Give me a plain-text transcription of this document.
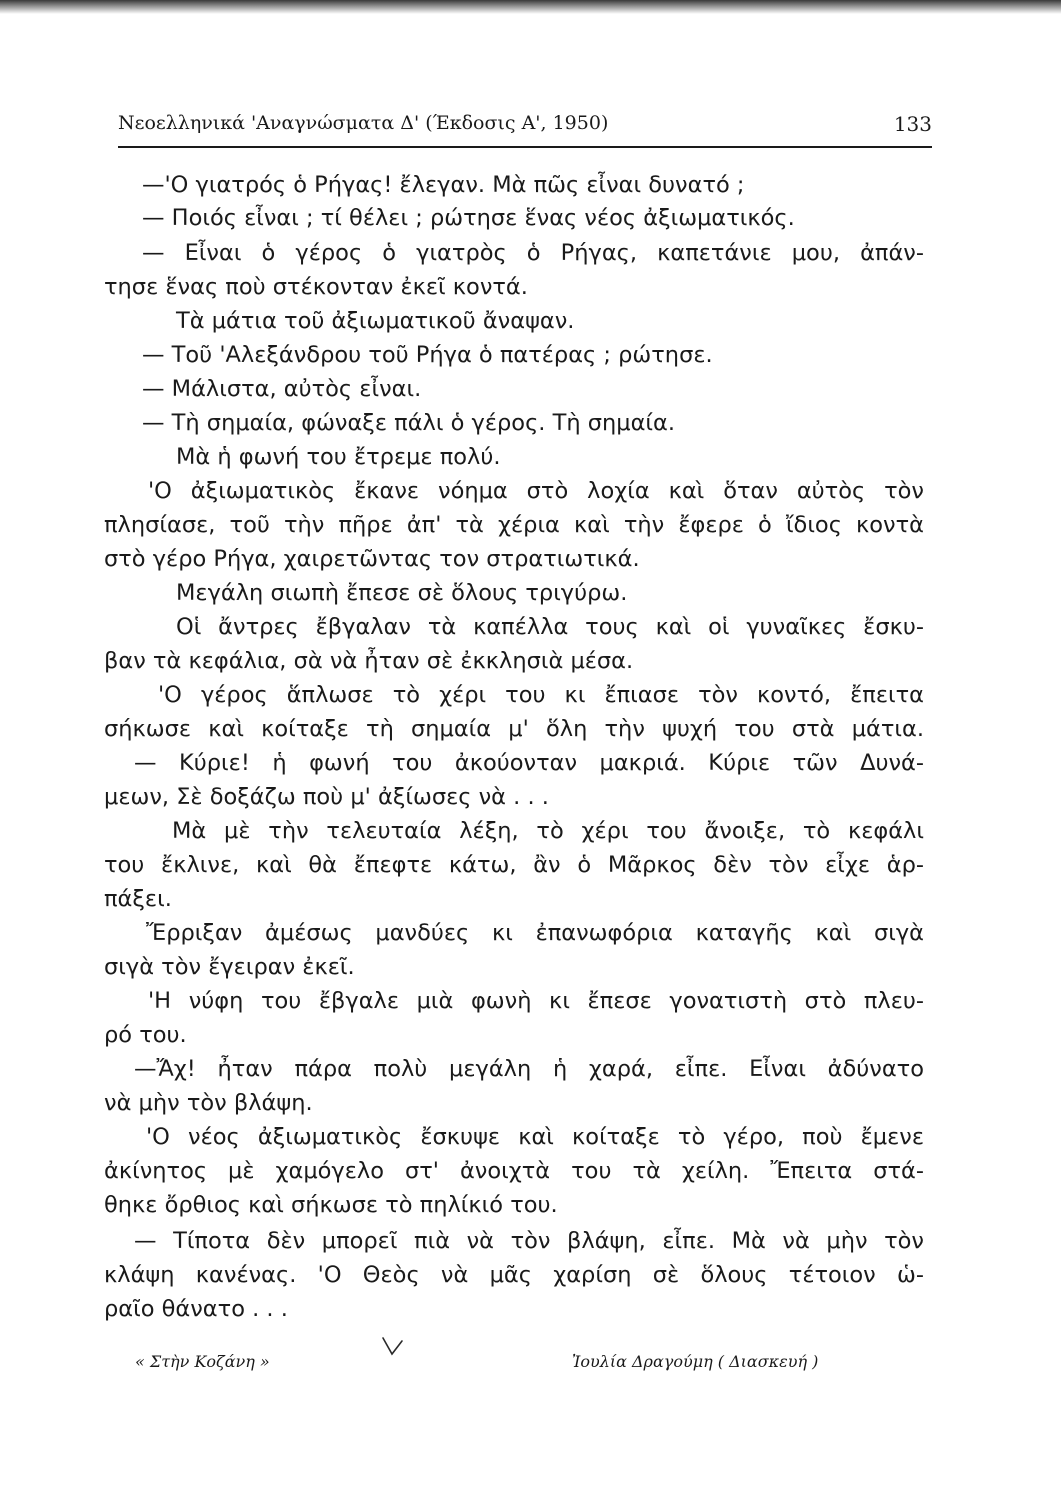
Νεοελληνικά 'Αναγνώσματα Δ' (Έκδοσις Α', 1950)	133
—'Ο γιατρός ὁ Ρήγας! ἔλεγαν. Μὰ πῶς εἶναι δυνατό ;
— Ποιός εἶναι ; τί θέλει ; ρώτησε ἕνας νέος ἀξιωματικός.
— Εἶναι ὁ γέρος ὁ γιατρὸς ὁ Ρήγας, καπετάνιε μου, ἀπάν-
τησε ἕνας ποὺ στέκονταν ἐκεῖ κοντά.
Τὰ μάτια τοῦ ἀξιωματικοῦ ἄναψαν.
— Τοῦ 'Αλεξάνδρου τοῦ Ρήγα ὁ πατέρας ; ρώτησε.
— Μάλιστα, αὐτὸς εἶναι.
— Τὴ σημαία, φώναξε πάλι ὁ γέρος. Τὴ σημαία.
Μὰ ἡ φωνή του ἔτρεμε πολύ.
'Ο ἀξιωματικὸς ἔκανε νόημα στὸ λοχία καὶ ὅταν αὐτὸς τὸν
πλησίασε, τοῦ τὴν πῆρε ἀπ' τὰ χέρια καὶ τὴν ἔφερε ὁ ἴδιος κοντὰ
στὸ γέρο Ρήγα, χαιρετῶντας τον στρατιωτικά.
Μεγάλη σιωπὴ ἔπεσε σὲ ὅλους τριγύρω.
Οἱ ἄντρες ἔβγαλαν τὰ καπέλλα τους καὶ οἱ γυναῖκες ἔσκυ-
βαν τὰ κεφάλια, σὰ νὰ ἦταν σὲ ἐκκλησιὰ μέσα.
'Ο γέρος ἅπλωσε τὸ χέρι του κι ἔπιασε τὸν κοντό, ἔπειτα
σήκωσε καὶ κοίταξε τὴ σημαία μ' ὅλη τὴν ψυχή του στὰ μάτια.
— Κύριε! ἡ φωνή του ἀκούονταν μακριά. Κύριε τῶν Δυνά-
μεων, Σὲ δοξάζω ποὺ μ' ἀξίωσες νὰ . . .
Μὰ μὲ τὴν τελευταία λέξη, τὸ χέρι του ἄνοιξε, τὸ κεφάλι
του ἔκλινε, καὶ θὰ ἔπεφτε κάτω, ἂν ὁ Μᾶρκος δὲν τὸν εἶχε ἁρ-
πάξει.
Ἔρριξαν ἀμέσως μανδύες κι ἐπανωφόρια καταγῆς καὶ σιγὰ
σιγὰ τὸν ἔγειραν ἐκεῖ.
'Η νύφη του ἔβγαλε μιὰ φωνὴ κι ἔπεσε γονατιστὴ στὸ πλευ-
ρό του.
—Ἄχ! ἦταν πάρα πολὺ μεγάλη ἡ χαρά, εἶπε. Εἶναι ἀδύνατο
νὰ μὴν τὸν βλάψη.
'Ο νέος ἀξιωματικὸς ἔσκυψε καὶ κοίταξε τὸ γέρο, ποὺ ἔμενε
ἀκίνητος μὲ χαμόγελο στ' ἀνοιχτὰ του τὰ χείλη. Ἔπειτα στά-
θηκε ὄρθιος καὶ σήκωσε τὸ πηλίκιό του.
— Τίποτα δὲν μπορεῖ πιὰ νὰ τὸν βλάψη, εἶπε. Μὰ νὰ μὴν τὸν
κλάψη κανένας. 'Ο Θεὸς νὰ μᾶς χαρίση σὲ ὅλους τέτοιον ὡ-
ραῖο θάνατο . . .
« Στὴν Κοζάνη »	Ἰουλία Δραγούμη ( Διασκευή )
